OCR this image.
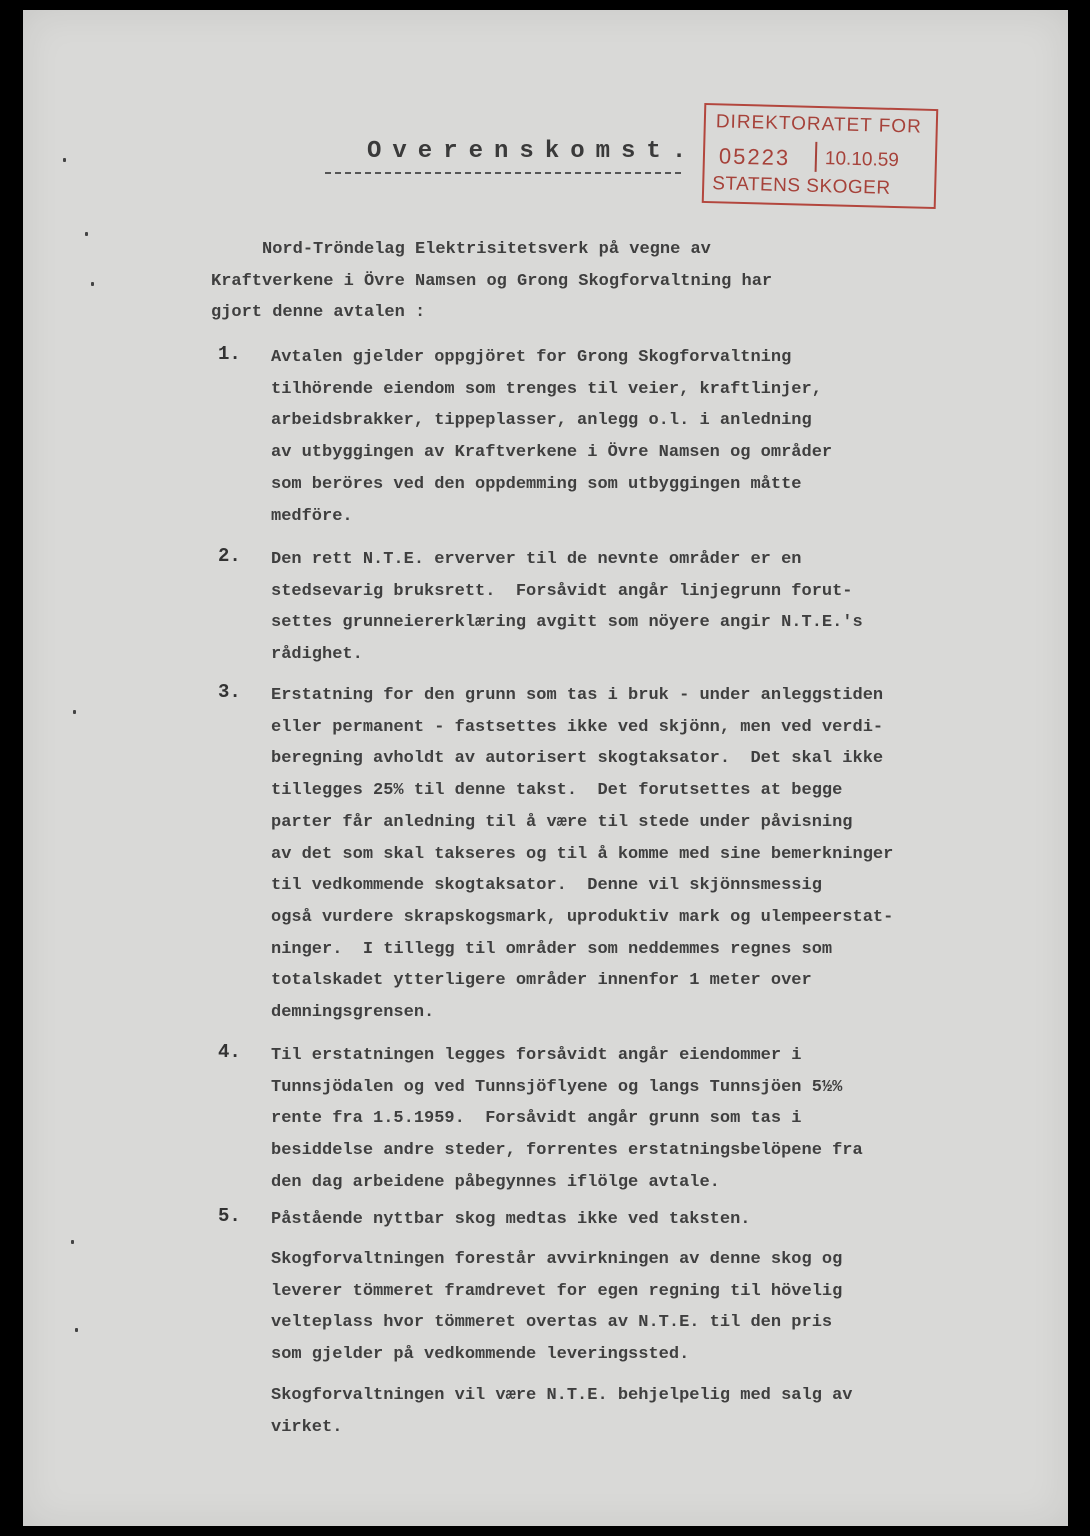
DIREKTORATET FOR
05223 10.10.59
STATENS SKOGER
Overenskomst.

Nord-Tröndelag Elektrisitetsverk på vegne av
Kraftverkene i Övre Namsen og Grong Skogforvaltning har
gjort denne avtalen :

1. Avtalen gjelder oppgjöret for Grong Skogforvaltning
tilhörende eiendom som trenges til veier, kraftlinjer,
arbeidsbrakker, tippeplasser, anlegg o.l. i anledning
av utbyggingen av Kraftverkene i Övre Namsen og områder
som beröres ved den oppdemming som utbyggingen måtte
medföre.

2. Den rett N.T.E. erverver til de nevnte områder er en
stedsevarig bruksrett.  Forsåvidt angår linjegrunn forut-
settes grunneiererklæring avgitt som nöyere angir N.T.E.'s
rådighet.

3. Erstatning for den grunn som tas i bruk - under anleggstiden
eller permanent - fastsettes ikke ved skjönn, men ved verdi-
beregning avholdt av autorisert skogtaksator.  Det skal ikke
tillegges 25% til denne takst.  Det forutsettes at begge
parter får anledning til å være til stede under påvisning
av det som skal takseres og til å komme med sine bemerkninger
til vedkommende skogtaksator.  Denne vil skjönnsmessig
også vurdere skrapskogsmark, uproduktiv mark og ulempeerstat-
ninger.  I tillegg til områder som neddemmes regnes som
totalskadet ytterligere områder innenfor 1 meter over
demningsgrensen.

4. Til erstatningen legges forsåvidt angår eiendommer i
Tunnsjödalen og ved Tunnsjöflyene og langs Tunnsjöen 5½%
rente fra 1.5.1959.  Forsåvidt angår grunn som tas i
besiddelse andre steder, forrentes erstatningsbelöpene fra
den dag arbeidene påbegynnes iflölge avtale.

5. Påstående nyttbar skog medtas ikke ved taksten.

Skogforvaltningen forestår avvirkningen av denne skog og
leverer tömmeret framdrevet for egen regning til hövelig
velteplass hvor tömmeret overtas av N.T.E. til den pris
som gjelder på vedkommende leveringssted.

Skogforvaltningen vil være N.T.E. behjelpelig med salg av
virket.
